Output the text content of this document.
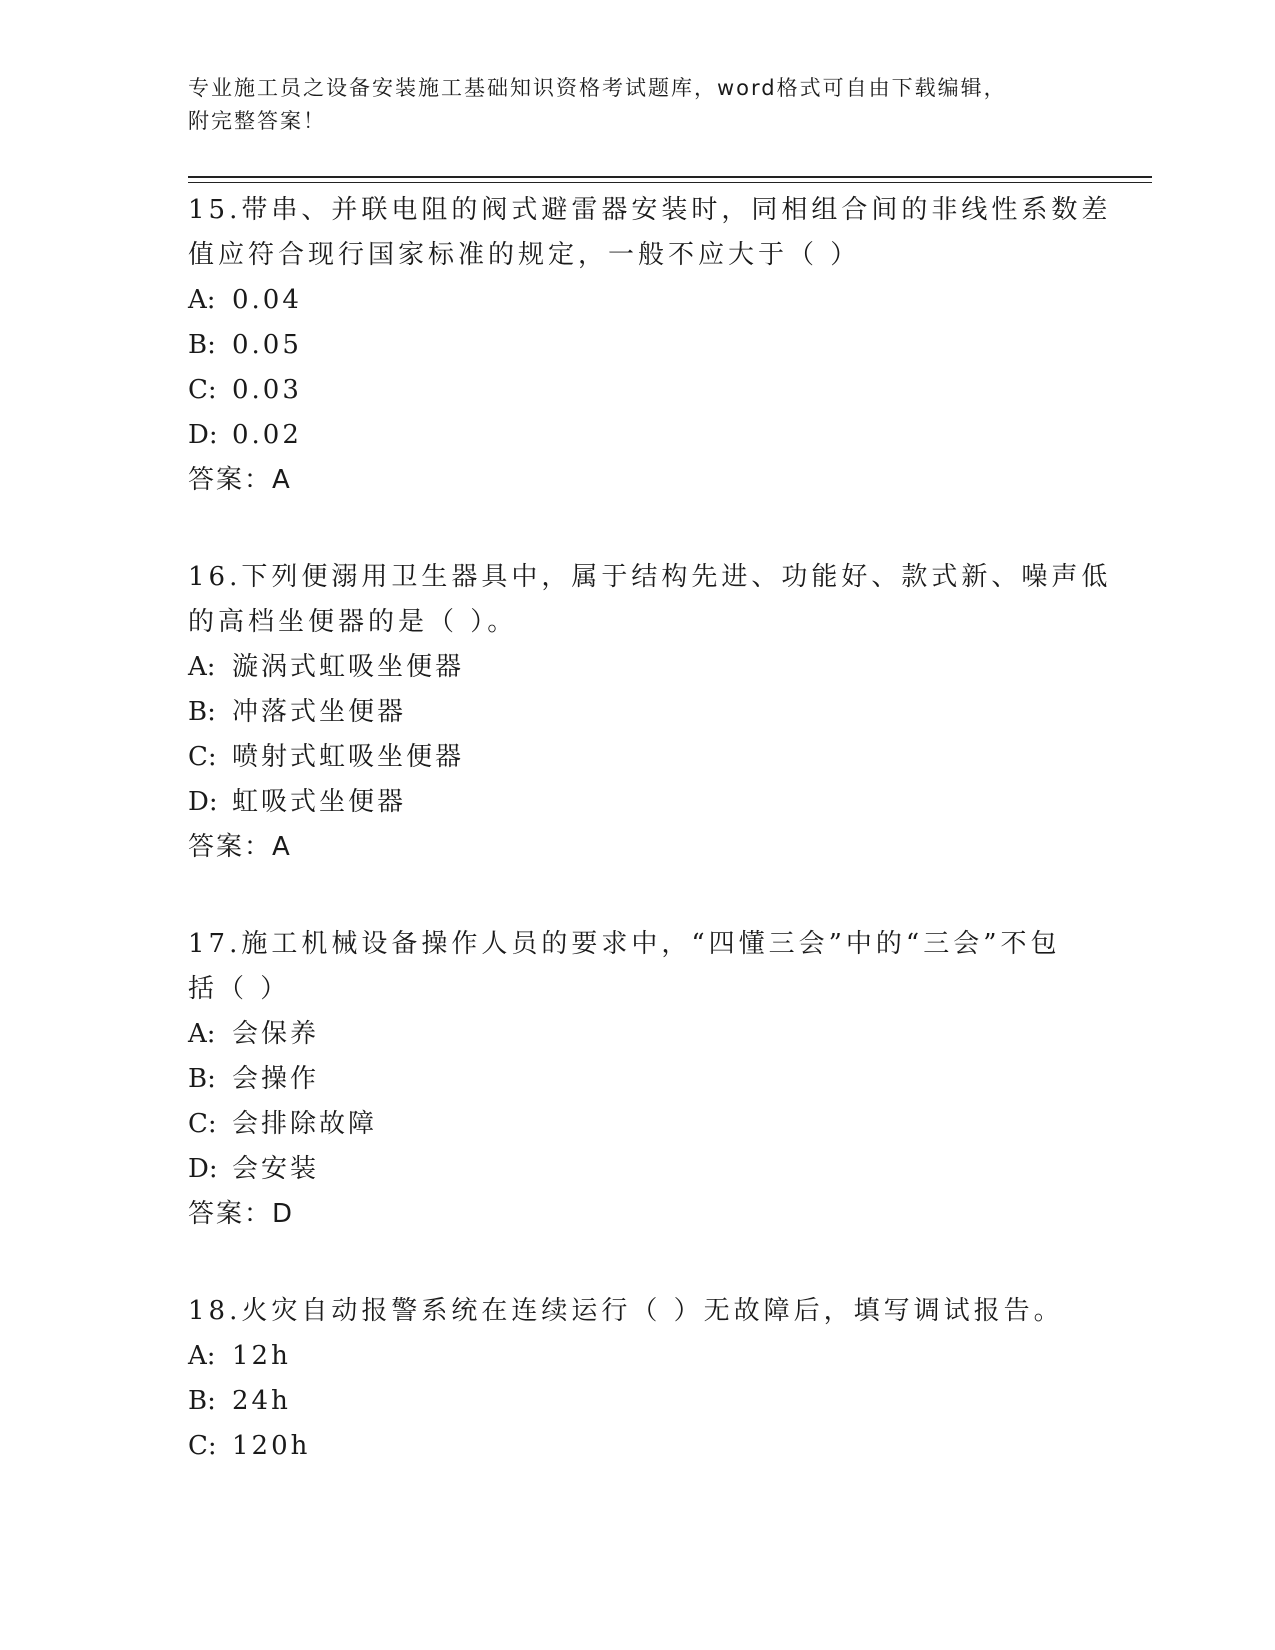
专业施工员之设备安装施工基础知识资格考试题库，word格式可自由下载编辑，
附完整答案！
15.带串、并联电阻的阀式避雷器安装时，同相组合间的非线性系数差
值应符合现行国家标准的规定，一般不应大于（ ）
A: 0.04
B: 0.05
C: 0.03
D: 0.02
答案：A
16.下列便溺用卫生器具中，属于结构先进、功能好、款式新、噪声低
的高档坐便器的是（ ）。
A: 漩涡式虹吸坐便器
B: 冲落式坐便器
C: 喷射式虹吸坐便器
D: 虹吸式坐便器
答案：A
17.施工机械设备操作人员的要求中，“四懂三会”中的“三会”不包
括（ ）
A: 会保养
B: 会操作
C: 会排除故障
D: 会安装
答案：D
18.火灾自动报警系统在连续运行（ ）无故障后，填写调试报告。
A: 12h
B: 24h
C: 120h
